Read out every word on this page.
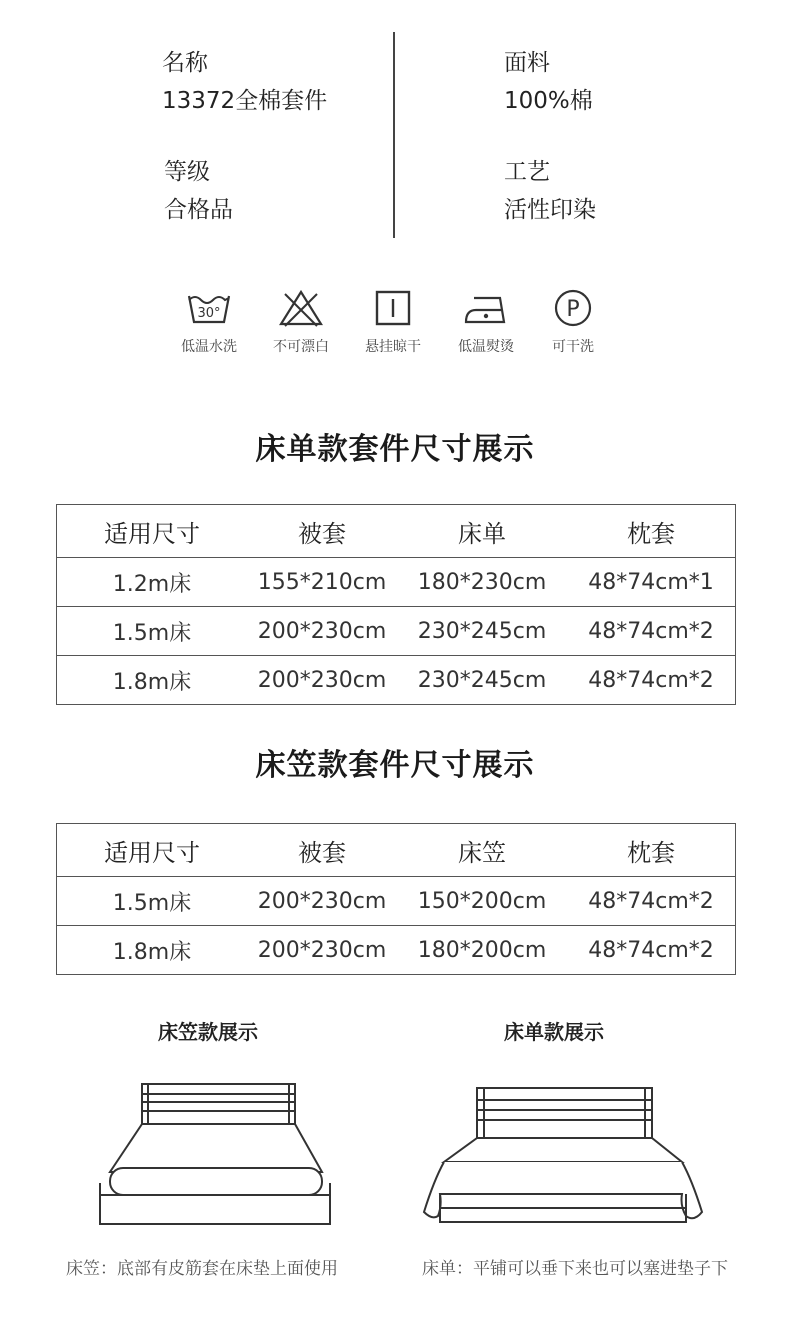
名称
13372全棉套件
等级
合格品
面料
100%棉
工艺
活性印染
30°
低温水洗	不可漂白	悬挂晾干	低温熨烫
P
可干洗
床单款套件尺寸展示
适用尺寸	被套	床单	枕套
1.2m床	155*210cm	180*230cm	48*74cm*1
1.5m床	200*230cm	230*245cm	48*74cm*2
1.8m床	200*230cm	230*245cm	48*74cm*2
床笠款套件尺寸展示
适用尺寸	被套	床笠	枕套
1.5m床	200*230cm	150*200cm	48*74cm*2
1.8m床	200*230cm	180*200cm	48*74cm*2
床笠款展示	床单款展示
床笠：底部有皮筋套在床垫上面使用	床单：平铺可以垂下来也可以塞进垫子下
